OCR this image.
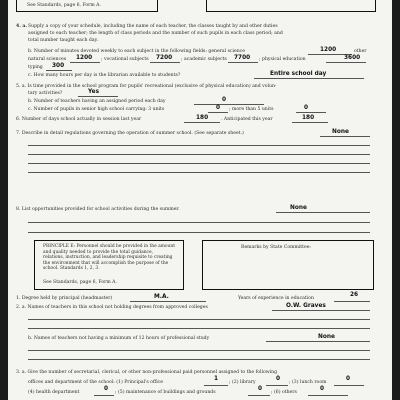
See Standards, page 6, Form A.
4. a. Supply a copy of your schedule, including the name of each teacher, the classes taught by and other duties
assigned to each teacher; the length of class periods and the number of such pupils in each class period; and
total number taught each day.
b. Number of minutes devoted weekly to each subject in the following fields: general science	1200	other
natural sciences 1200 ; vocational subjects 7200 ; academic subjects 7700 ; physical education	3600
typing 300
c. How many hours per day is the librarian available to students?	Entire school day
5. a. Is time provided in the school program for pupils' recreational (exclusive of physical education) and volun-
tary activities?	Yes
b. Number of teachers having an assigned period each day	0
c. Number of pupils in senior high school carrying: 3 units	0 ; more than 5 units	0
6. Number of days school actually in session last year	180	. Anticipated this year	180
7. Describe in detail regulations governing the operation of summer school. (See separate sheet.)	None
8. List opportunities provided for school activities during the summer.	None
PRINCIPLE E: Personnel should be provided in the amount and quality needed to provide the total guidance, relations, instruction, and leadership requisite to creating the environment that will accomplish the purpose of the school. Standards 1, 2, 3.
See Standards, page 6, Form A.
Remarks by State Committee:
1. Degree held by principal (headmaster)	M.A.	Years of experience in education
26
2. a. Names of teachers in this school not holding degrees from approved colleges	O.W. Graves
b. Names of teachers not having a minimum of 12 hours of professional study	None
3. a. Give the number of secretarial, clerical, or other non-professional paid personnel assigned to the following
offices and department of the school: (1) Principal's office
1
; (2) library
0
; (3) lunch room
0
(4) health department
0
; (5) maintenance of buildings and grounds
0
; (6) others
0
